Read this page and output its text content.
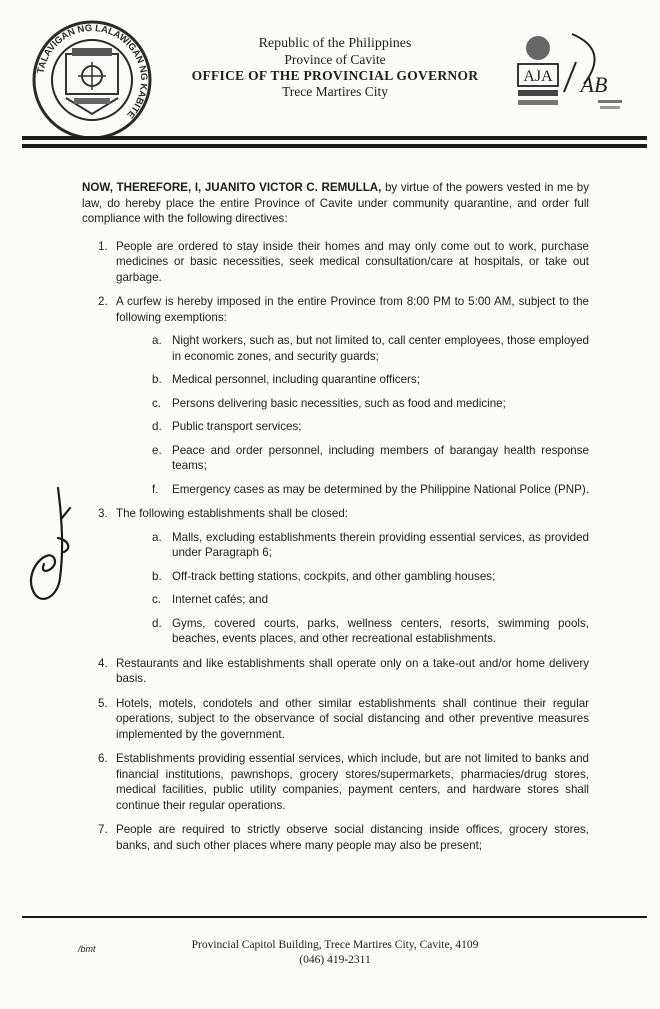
TALAVIGAN NG LALAWIGAN NG KABITE
Republic of the Philippines
Province of Cavite
OFFICE OF THE PROVINCIAL GOVERNOR
Trece Martires City
AJA AB

NOW, THEREFORE, I, JUANITO VICTOR C. REMULLA, by virtue of the powers vested in me by law, do hereby place the entire Province of Cavite under community quarantine, and order full compliance with the following directives:

1. People are ordered to stay inside their homes and may only come out to work, purchase medicines or basic necessities, seek medical consultation/care at hospitals, or take out garbage.
2. A curfew is hereby imposed in the entire Province from 8:00 PM to 5:00 AM, subject to the following exemptions:
a. Night workers, such as, but not limited to, call center employees, those employed in economic zones, and security guards;
b. Medical personnel, including quarantine officers;
c. Persons delivering basic necessities, such as food and medicine;
d. Public transport services;
e. Peace and order personnel, including members of barangay health response teams;
f. Emergency cases as may be determined by the Philippine National Police (PNP).
3. The following establishments shall be closed:
a. Malls, excluding establishments therein providing essential services, as provided under Paragraph 6;
b. Off-track betting stations, cockpits, and other gambling houses;
c. Internet cafés; and
d. Gyms, covered courts, parks, wellness centers, resorts, swimming pools, beaches, events places, and other recreational establishments.
4. Restaurants and like establishments shall operate only on a take-out and/or home delivery basis.
5. Hotels, motels, condotels and other similar establishments shall continue their regular operations, subject to the observance of social distancing and other preventive measures implemented by the government.
6. Establishments providing essential services, which include, but are not limited to banks and financial institutions, pawnshops, grocery stores/supermarkets, pharmacies/drug stores, medical facilities, public utility companies, payment centers, and hardware stores shall continue their regular operations.
7. People are required to strictly observe social distancing inside offices, grocery stores, banks, and such other places where many people may also be present;
/bmt	Provincial Capitol Building, Trece Martires City, Cavite, 4109
(046) 419-2311
